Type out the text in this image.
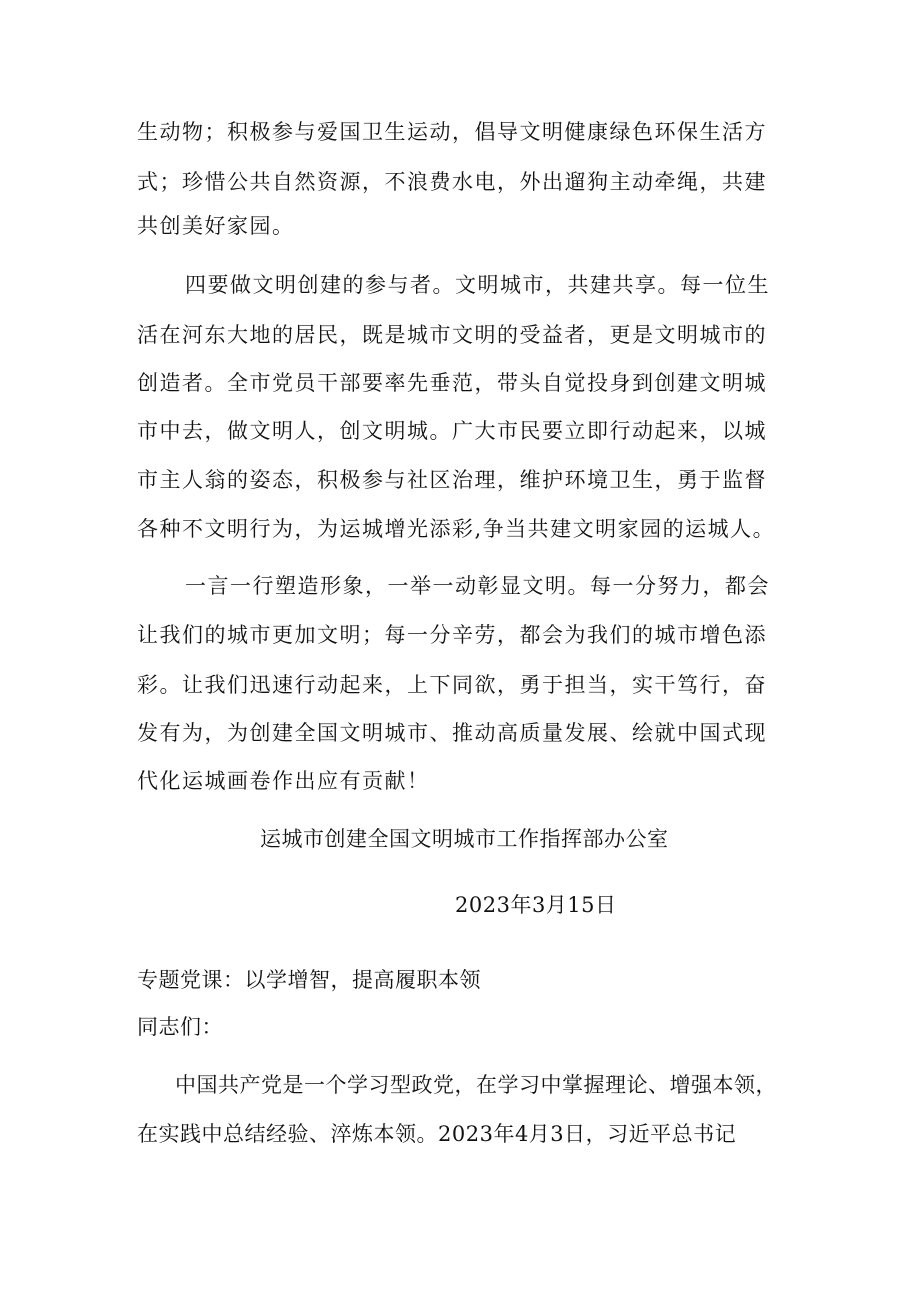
生动物；积极参与爱国卫生运动，倡导文明健康绿色环保生活方
式；珍惜公共自然资源，不浪费水电，外出遛狗主动牵绳，共建
共创美好家园。
四要做文明创建的参与者。文明城市，共建共享。每一位生
活在河东大地的居民，既是城市文明的受益者，更是文明城市的
创造者。全市党员干部要率先垂范，带头自觉投身到创建文明城
市中去，做文明人，创文明城。广大市民要立即行动起来，以城
市主人翁的姿态，积极参与社区治理，维护环境卫生，勇于监督
各种不文明行为，为运城增光添彩,争当共建文明家园的运城人。
一言一行塑造形象，一举一动彰显文明。每一分努力，都会
让我们的城市更加文明；每一分辛劳，都会为我们的城市增色添
彩。让我们迅速行动起来，上下同欲，勇于担当，实干笃行，奋
发有为，为创建全国文明城市、推动高质量发展、绘就中国式现
代化运城画卷作出应有贡献！
运城市创建全国文明城市工作指挥部办公室
2023年3月15日
专题党课：以学增智，提高履职本领
同志们：
中国共产党是一个学习型政党，在学习中掌握理论、增强本领，
在实践中总结经验、淬炼本领。2023年4月3日，习近平总书记
